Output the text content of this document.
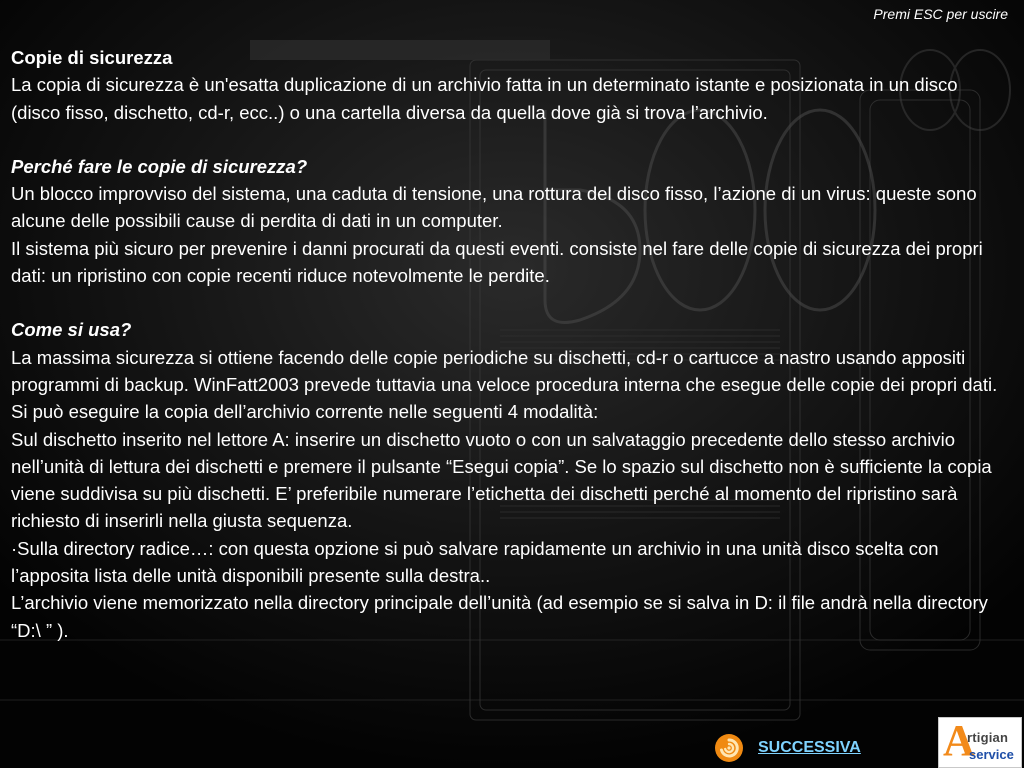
Premi ESC per uscire

Copie di sicurezza

La copia di sicurezza è un'esatta duplicazione di un archivio fatta in un determinato istante e posizionata in un disco (disco fisso, dischetto, cd-r, ecc..) o una cartella diversa da quella dove già si trova l’archivio.

Perché fare le copie di sicurezza?

Un blocco improvviso del sistema, una caduta di tensione, una rottura del disco fisso, l’azione di un virus: queste sono alcune delle possibili cause di perdita di dati in un computer.

Il sistema più sicuro per prevenire i danni procurati da questi eventi. consiste nel fare delle copie di sicurezza dei propri dati: un ripristino con copie recenti riduce notevolmente le perdite.

Come si usa?

La massima sicurezza si ottiene facendo delle copie periodiche su dischetti, cd-r o cartucce a nastro usando appositi programmi di backup. WinFatt2003 prevede tuttavia una veloce procedura interna che esegue delle copie dei propri dati.

Si può eseguire la copia dell’archivio corrente nelle seguenti 4 modalità:

Sul dischetto inserito nel lettore A: inserire un dischetto vuoto o con un salvataggio precedente dello stesso archivio nell’unità di lettura dei dischetti e premere il pulsante “Esegui copia”. Se lo spazio sul dischetto non è sufficiente la copia viene suddivisa su più dischetti. E’ preferibile numerare l’etichetta dei dischetti perché al momento del ripristino sarà richiesto di inserirli nella giusta sequenza.

·Sulla directory radice…: con questa opzione si può salvare rapidamente un archivio in una unità disco scelta con l’apposita lista delle unità disponibili presente sulla destra..

L’archivio viene memorizzato nella directory principale dell’unità (ad esempio se si salva in D: il file andrà nella directory “D:\ ” ).

SUCCESSIVA A
rtigian
service
